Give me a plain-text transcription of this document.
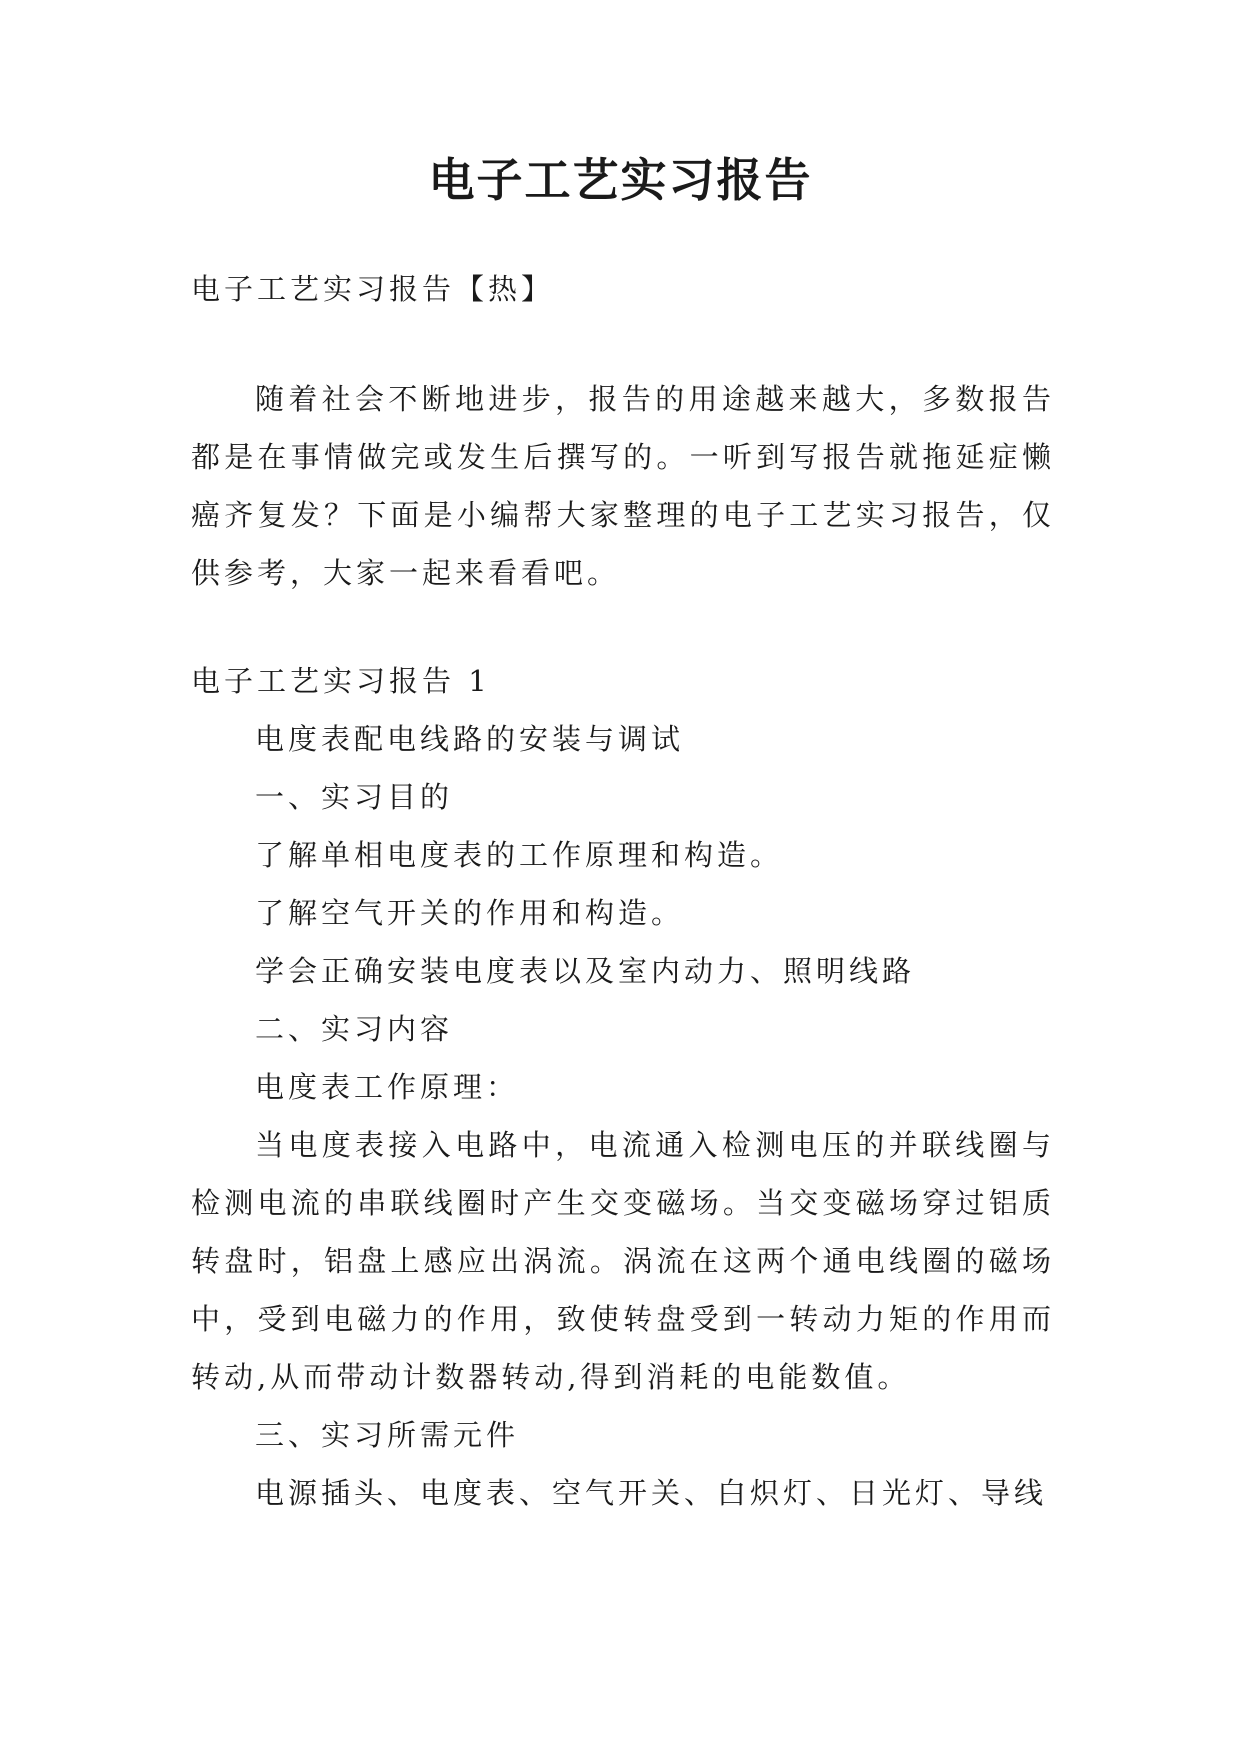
电子工艺实习报告

电子工艺实习报告【热】

随着社会不断地进步，报告的用途越来越大，多数报告都是在事情做完或发生后撰写的。一听到写报告就拖延症懒癌齐复发？下面是小编帮大家整理的电子工艺实习报告，仅供参考，大家一起来看看吧。

电子工艺实习报告 1

电度表配电线路的安装与调试

一、实习目的

了解单相电度表的工作原理和构造。

了解空气开关的作用和构造。

学会正确安装电度表以及室内动力、照明线路

二、实习内容

电度表工作原理：

当电度表接入电路中，电流通入检测电压的并联线圈与检测电流的串联线圈时产生交变磁场。当交变磁场穿过铝质转盘时，铝盘上感应出涡流。涡流在这两个通电线圈的磁场中，受到电磁力的作用，致使转盘受到一转动力矩的作用而转动,从而带动计数器转动,得到消耗的电能数值。

三、实习所需元件

电源插头、电度表、空气开关、白炽灯、日光灯、导线
